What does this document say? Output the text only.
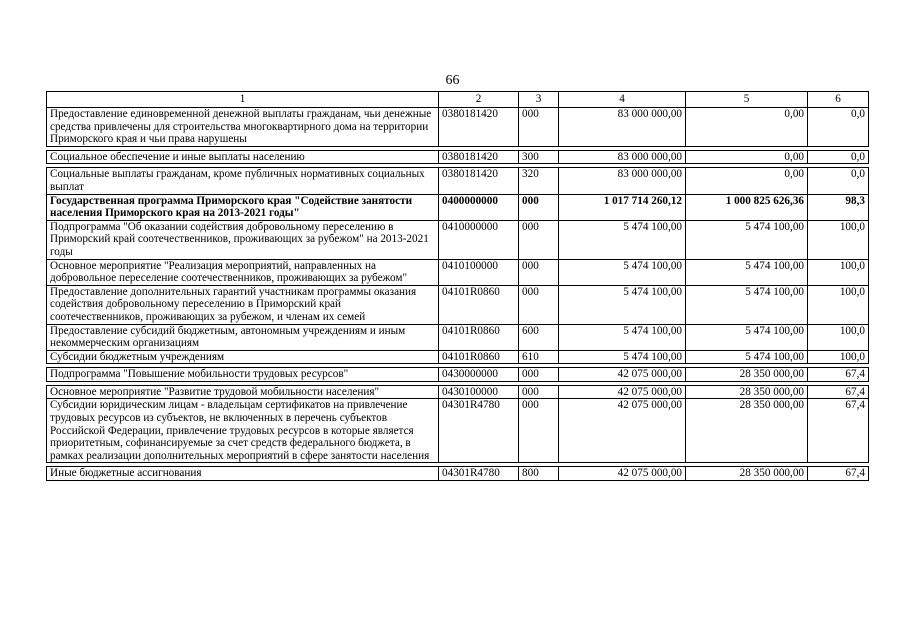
66
1	2	3	4	5	6
Предоставление единовременной денежной выплаты гражданам, чьи денежные средства привлечены для строительства многоквартирного дома на территории Приморского края и чьи права нарушены	0380181420	000	83 000 000,00	0,00	0,0

Социальное обеспечение и иные выплаты населению	0380181420	300	83 000 000,00	0,00	0,0

Социальные выплаты гражданам, кроме публичных нормативных социальных выплат	0380181420	320	83 000 000,00	0,00	0,0
Государственная программа Приморского края "Содействие занятости населения Приморского края на 2013-2021 годы"	0400000000	000	1 017 714 260,12	1 000 825 626,36	98,3
Подпрограмма "Об оказании содействия добровольному переселению в Приморский край соотечественников, проживающих за рубежом" на 2013-2021 годы	0410000000	000	5 474 100,00	5 474 100,00	100,0
Основное мероприятие "Реализация мероприятий, направленных на добровольное переселение соотечественников, проживающих за рубежом"	0410100000	000	5 474 100,00	5 474 100,00	100,0
Предоставление дополнительных гарантий участникам программы оказания содействия добровольному переселению в Приморский край соотечественников, проживающих за рубежом, и членам их семей	04101R0860	000	5 474 100,00	5 474 100,00	100,0
Предоставление субсидий бюджетным, автономным учреждениям и иным некоммерческим организациям	04101R0860	600	5 474 100,00	5 474 100,00	100,0
Субсидии бюджетным учреждениям	04101R0860	610	5 474 100,00	5 474 100,00	100,0

Подпрограмма "Повышение мобильности трудовых ресурсов"	0430000000	000	42 075 000,00	28 350 000,00	67,4

Основное мероприятие "Развитие трудовой мобильности населения"	0430100000	000	42 075 000,00	28 350 000,00	67,4
Субсидии юридическим лицам - владельцам сертификатов на привлечение трудовых ресурсов из субъектов, не включенных в перечень субъектов Российской Федерации, привлечение трудовых ресурсов в которые является приоритетным, софинансируемые за счет средств федерального бюджета, в рамках реализации дополнительных мероприятий в сфере занятости населения	04301R4780	000	42 075 000,00	28 350 000,00	67,4

Иные бюджетные ассигнования	04301R4780	800	42 075 000,00	28 350 000,00	67,4
